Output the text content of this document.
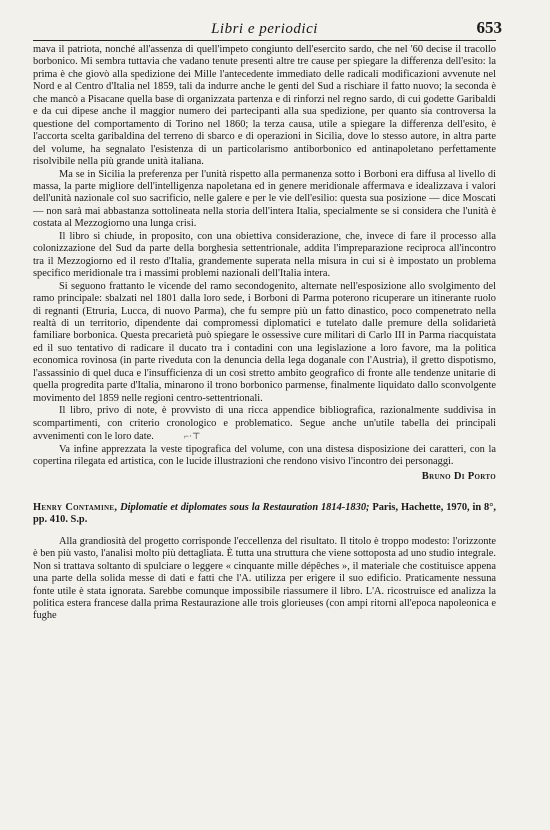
Libri e periodici	653

mava il patriota, nonché all'assenza di quell'impeto congiunto dell'esercito sardo, che nel '60 decise il tracollo borbonico. Mi sembra tuttavia che vadano tenute presenti altre tre cause per spiegare la differenza dell'esito: la prima è che giovò alla spedizione dei Mille l'antecedente immediato delle radicali modificazioni avvenute nel Nord e al Centro d'Italia nel 1859, tali da indurre anche le genti del Sud a rischiare il fatto nuovo; la seconda è che mancò a Pisacane quella base di organizzata partenza e di rinforzi nel regno sardo, di cui godette Garibaldi e da cui dipese anche il maggior numero dei partecipanti alla sua spedizione, per quanto sia controversa la questione del comportamento di Torino nel 1860; la terza causa, utile a spiegare la differenza dell'esito, è l'accorta scelta garibaldina del terreno di sbarco e di operazioni in Sicilia, dove lo stesso autore, in altra parte del volume, ha segnalato l'esistenza di un particolarismo antiborbonico ed antinapoletano perfettamente risolvibile nella più grande unità italiana.

Ma se in Sicilia la preferenza per l'unità rispetto alla permanenza sotto i Borboni era diffusa al livello di massa, la parte migliore dell'intelligenza napoletana ed in genere meridionale affermava e idealizzava i valori dell'unità nazionale col suo sacrificio, nelle galere e per le vie dell'esilio: questa sua posizione — dice Moscati — non sarà mai abbastanza sottolineata nella storia dell'intera Italia, specialmente se si considera che l'unità è costata al Mezzogiorno una lunga crisi.

Il libro si chiude, in proposito, con una obiettiva considerazione, che, invece di fare il processo alla colonizzazione del Sud da parte della borghesia settentrionale, addita l'impreparazione reciproca all'incontro tra il Mezzogiorno ed il resto d'Italia, grandemente superata nella misura in cui si è impostato un problema specifico meridionale tra i massimi problemi nazionali dell'Italia intera.

Si seguono frattanto le vicende del ramo secondogenito, alternate nell'esposizione allo svolgimento del ramo principale: sbalzati nel 1801 dalla loro sede, i Borboni di Parma poterono ricuperare un itinerante ruolo di regnanti (Etruria, Lucca, di nuovo Parma), che fu sempre più un fatto dinastico, poco compenetrato nella realtà di un territorio, dipendente dai compromessi diplomatici e tutelato dalle premure della solidarietà familiare borbonica. Questa precarietà può spiegare le ossessive cure militari di Carlo III in Parma riacquistata ed il suo tentativo di radicare il ducato tra i contadini con una legislazione a loro favore, ma la politica economica rovinosa (in parte riveduta con la denuncia della lega doganale con l'Austria), il gretto dispotismo, l'assassinio di quel duca e l'insufficienza di un così stretto ambito geografico di fronte alle tendenze unitarie di quella progredita parte d'Italia, minarono il trono borbonico parmense, finalmente liquidato dallo sconvolgente movimento del 1859 nelle regioni centro-settentrionali.

Il libro, privo di note, è provvisto di una ricca appendice bibliografica, razionalmente suddivisa in scompartimenti, con criterio cronologico e problematico. Segue anche un'utile tabella dei principali avvenimenti con le loro date.	⌐·⊤

Va infine apprezzata la veste tipografica del volume, con una distesa disposizione dei caratteri, con la copertina rilegata ed artistica, con le lucide illustrazioni che rendono visivo l'incontro dei personaggi.

Bruno Di Porto
Henry Contamine, Diplomatie et diplomates sous la Restauration 1814-1830; Paris, Hachette, 1970, in 8°, pp. 410. S.p.

Alla grandiosità del progetto corrisponde l'eccellenza del risultato. Il titolo è troppo modesto: l'orizzonte è ben più vasto, l'analisi molto più dettagliata. È tutta una struttura che viene sottoposta ad uno studio integrale. Non si trattava soltanto di spulciare o leggere « cinquante mille dépêches », il materiale che costituisce appena una parte della solida messe di dati e fatti che l'A. utilizza per erigere il suo edificio. Praticamente nessuna fonte utile è stata ignorata. Sarebbe comunque impossibile riassumere il libro. L'A. ricostruisce ed analizza la politica estera francese dalla prima Restaurazione alle trois glorieuses (con ampi ritorni all'epoca napoleonica e fughe
